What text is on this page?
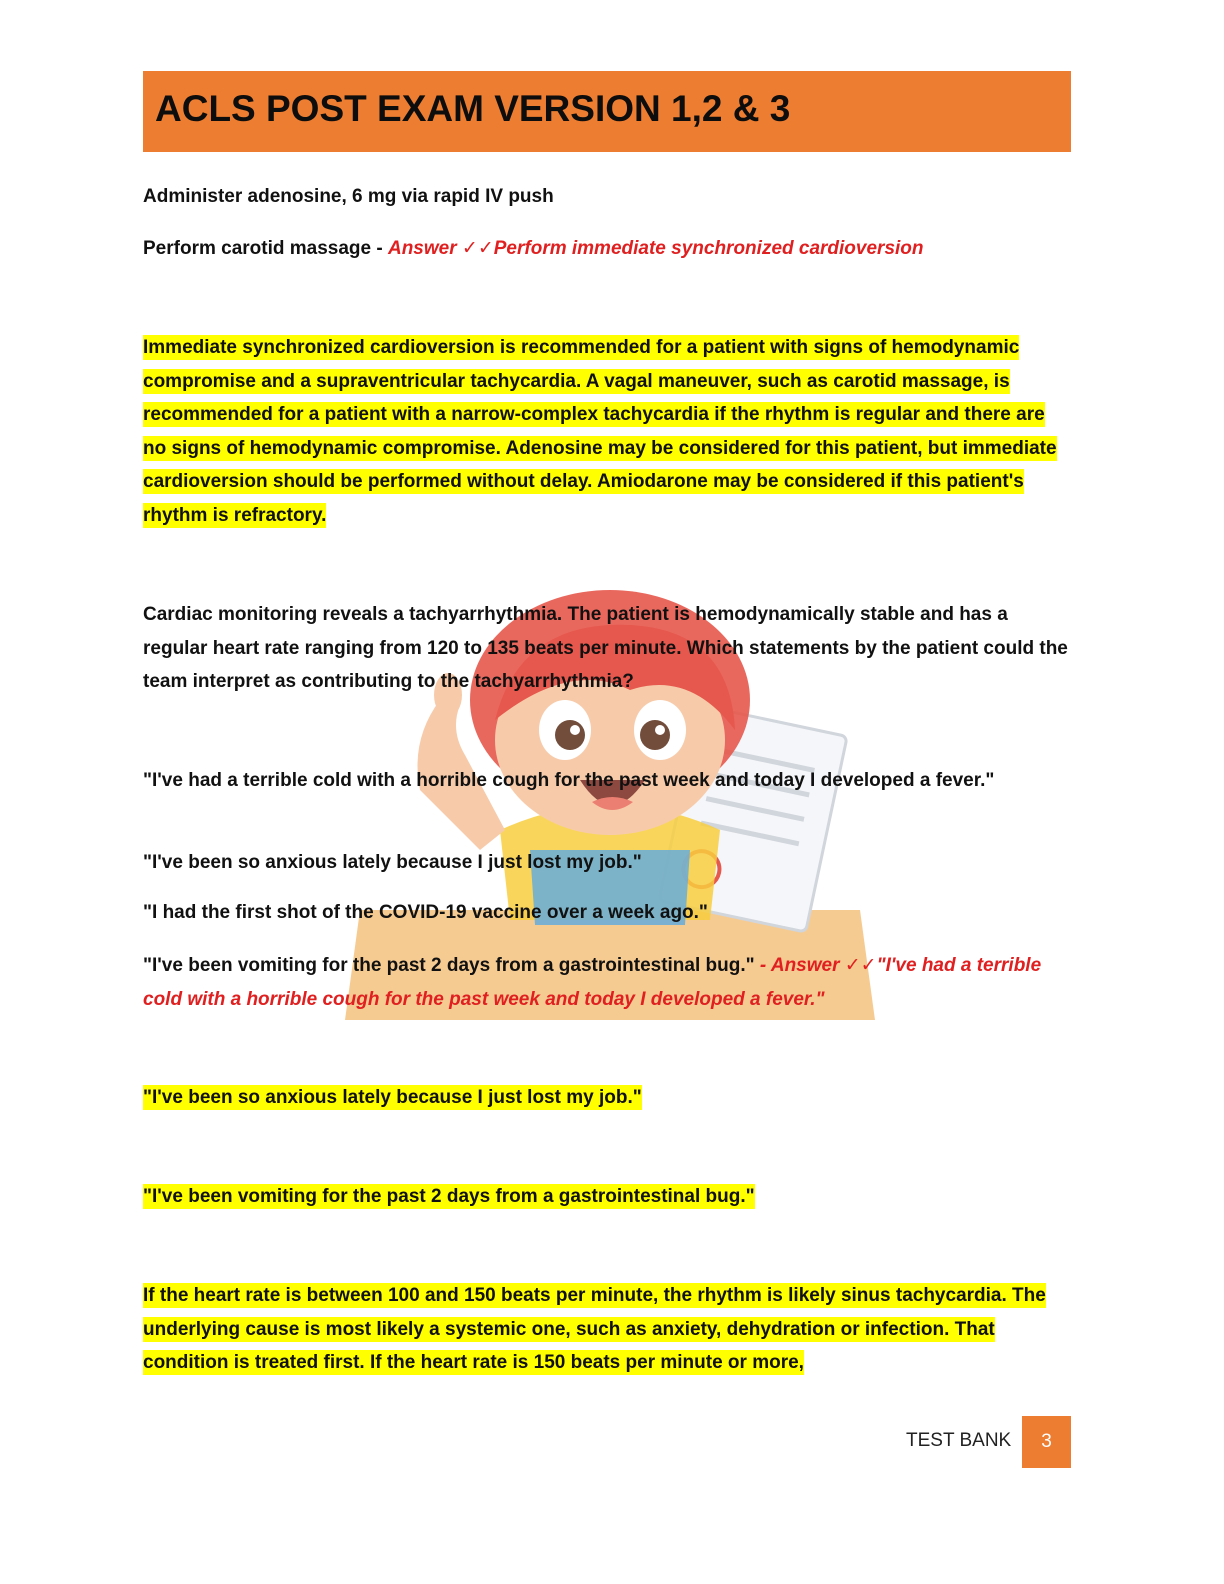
ACLS POST EXAM VERSION 1,2 & 3

Administer adenosine, 6 mg via rapid IV push

Perform carotid massage - Answer ✓✓Perform immediate synchronized cardioversion

Immediate synchronized cardioversion is recommended for a patient with signs of hemodynamic compromise and a supraventricular tachycardia. A vagal maneuver, such as carotid massage, is recommended for a patient with a narrow-complex tachycardia if the rhythm is regular and there are no signs of hemodynamic compromise. Adenosine may be considered for this patient, but immediate cardioversion should be performed without delay. Amiodarone may be considered if this patient's rhythm is refractory.

Cardiac monitoring reveals a tachyarrhythmia. The patient is hemodynamically stable and has a regular heart rate ranging from 120 to 135 beats per minute. Which statements by the patient could the team interpret as contributing to the tachyarrhythmia?

"I've had a terrible cold with a horrible cough for the past week and today I developed a fever."

"I've been so anxious lately because I just lost my job."

"I had the first shot of the COVID-19 vaccine over a week ago."

"I've been vomiting for the past 2 days from a gastrointestinal bug." - Answer ✓✓"I've had a terrible cold with a horrible cough for the past week and today I developed a fever."

"I've been so anxious lately because I just lost my job."

"I've been vomiting for the past 2 days from a gastrointestinal bug."

If the heart rate is between 100 and 150 beats per minute, the rhythm is likely sinus tachycardia. The underlying cause is most likely a systemic one, such as anxiety, dehydration or infection. That condition is treated first. If the heart rate is 150 beats per minute or more,

TEST BANK	3
